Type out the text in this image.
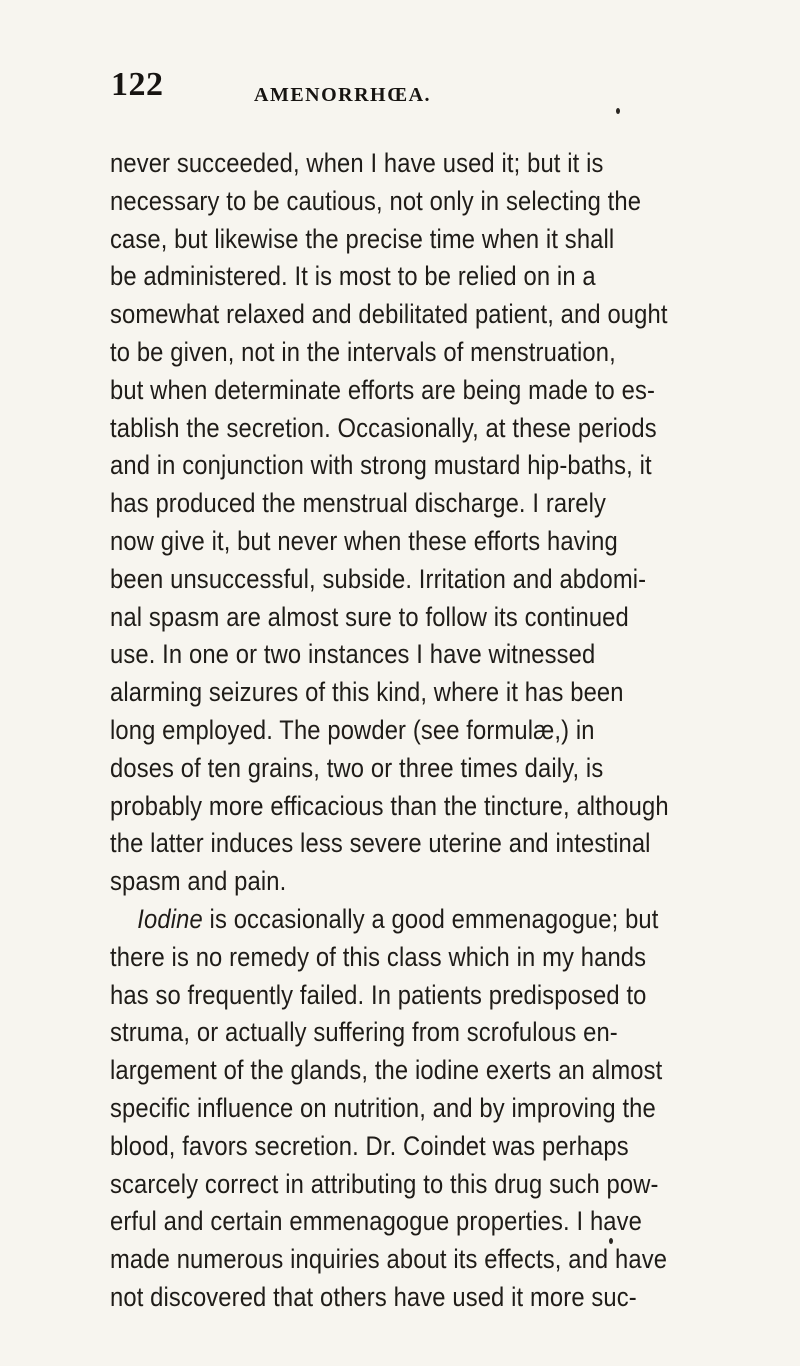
122	AMENORRHŒA.
never succeeded, when I have used it; but it is
necessary to be cautious, not only in selecting the
case, but likewise the precise time when it shall
be administered. It is most to be relied on in a
somewhat relaxed and debilitated patient, and ought
to be given, not in the intervals of menstruation,
but when determinate efforts are being made to es-
tablish the secretion. Occasionally, at these periods
and in conjunction with strong mustard hip-baths, it
has produced the menstrual discharge. I rarely
now give it, but never when these efforts having
been unsuccessful, subside. Irritation and abdomi-
nal spasm are almost sure to follow its continued
use. In one or two instances I have witnessed
alarming seizures of this kind, where it has been
long employed. The powder (see formulæ,) in
doses of ten grains, two or three times daily, is
probably more efficacious than the tincture, although
the latter induces less severe uterine and intestinal
spasm and pain.
Iodine is occasionally a good emmenagogue; but
there is no remedy of this class which in my hands
has so frequently failed. In patients predisposed to
struma, or actually suffering from scrofulous en-
largement of the glands, the iodine exerts an almost
specific influence on nutrition, and by improving the
blood, favors secretion. Dr. Coindet was perhaps
scarcely correct in attributing to this drug such pow-
erful and certain emmenagogue properties. I have
made numerous inquiries about its effects, and have
not discovered that others have used it more suc-
